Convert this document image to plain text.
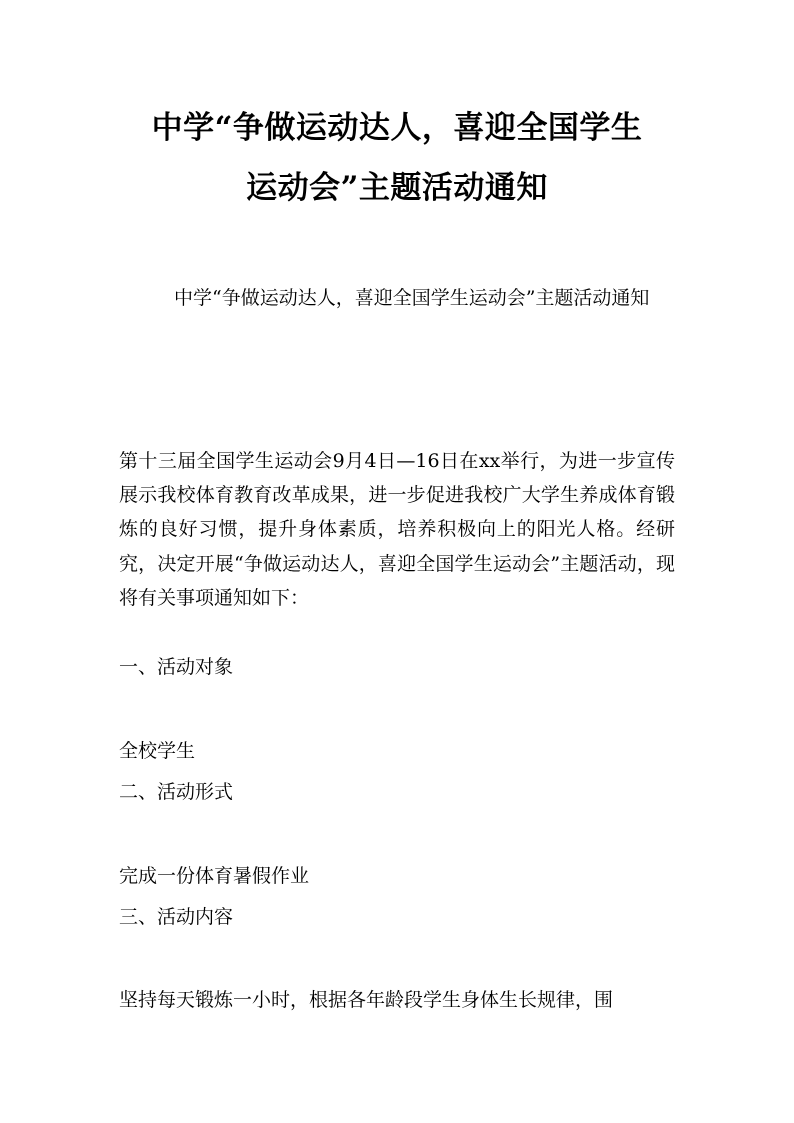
中学“争做运动达人，喜迎全国学生
运动会”主题活动通知

中学“争做运动达人，喜迎全国学生运动会”主题活动通知

第十三届全国学生运动会9月4日—16日在xx举行，为进一步宣传展示我校体育教育改革成果，进一步促进我校广大学生养成体育锻炼的良好习惯，提升身体素质，培养积极向上的阳光人格。经研究，决定开展“争做运动达人，喜迎全国学生运动会”主题活动，现将有关事项通知如下：

一、活动对象

全校学生

二、活动形式

完成一份体育暑假作业

三、活动内容

坚持每天锻炼一小时，根据各年龄段学生身体生长规律，围
